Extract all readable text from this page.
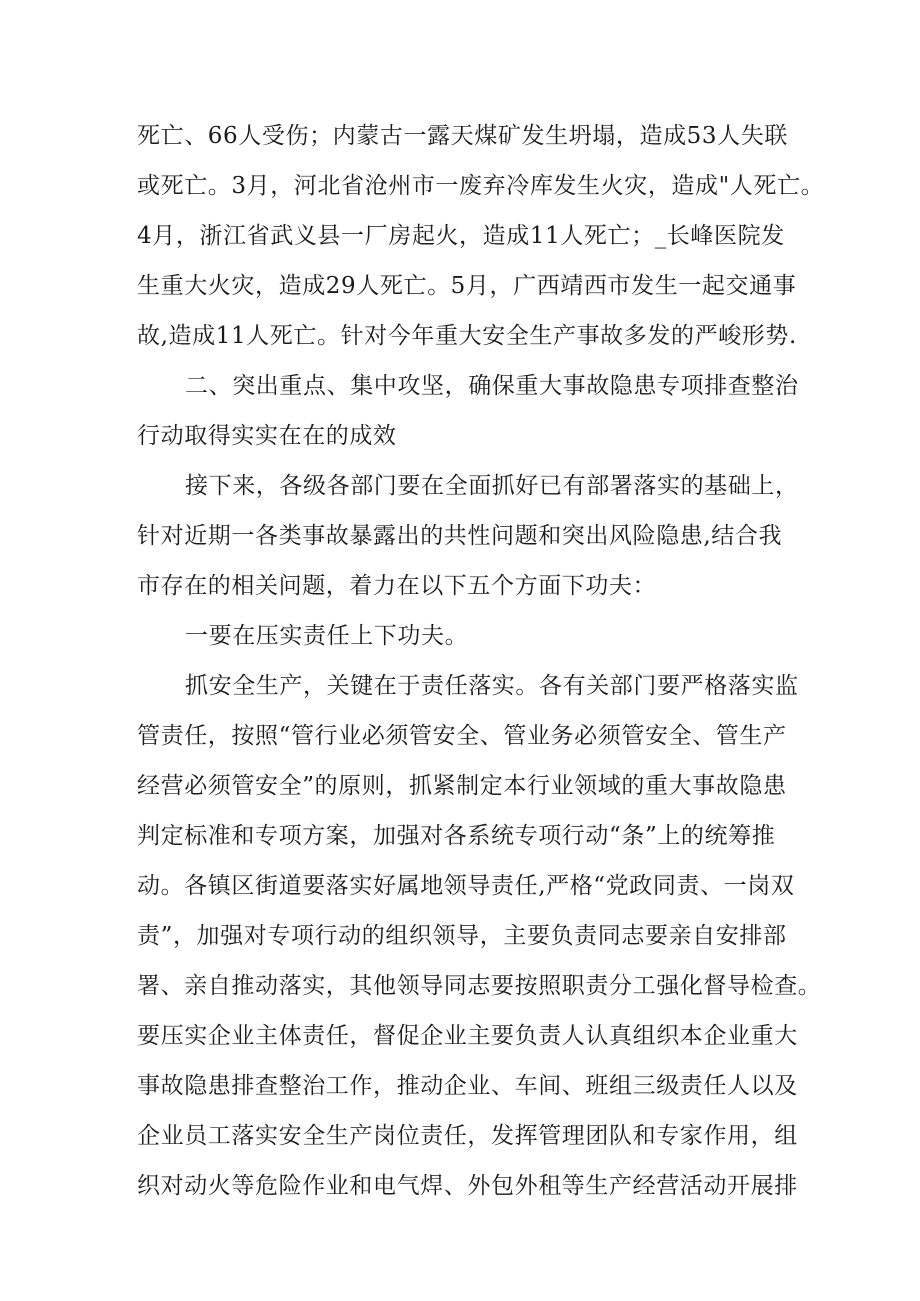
死亡、66人受伤；内蒙古一露天煤矿发生坍塌，造成53人失联
或死亡。3月，河北省沧州市一废弃冷库发生火灾，造成"人死亡。
4月，浙江省武义县一厂房起火，造成11人死亡；_长峰医院发
生重大火灾，造成29人死亡。5月，广西靖西市发生一起交通事
故,造成11人死亡。针对今年重大安全生产事故多发的严峻形势.
二、突出重点、集中攻坚，确保重大事故隐患专项排查整治
行动取得实实在在的成效
接下来，各级各部门要在全面抓好已有部署落实的基础上，
针对近期一各类事故暴露出的共性问题和突出风险隐患,结合我
市存在的相关问题，着力在以下五个方面下功夫：
一要在压实责任上下功夫。
抓安全生产，关键在于责任落实。各有关部门要严格落实监
管责任，按照“管行业必须管安全、管业务必须管安全、管生产
经营必须管安全”的原则，抓紧制定本行业领域的重大事故隐患
判定标准和专项方案，加强对各系统专项行动“条”上的统筹推
动。各镇区街道要落实好属地领导责任,严格“党政同责、一岗双
责”，加强对专项行动的组织领导，主要负责同志要亲自安排部
署、亲自推动落实，其他领导同志要按照职责分工强化督导检查。
要压实企业主体责任，督促企业主要负责人认真组织本企业重大
事故隐患排查整治工作，推动企业、车间、班组三级责任人以及
企业员工落实安全生产岗位责任，发挥管理团队和专家作用，组
织对动火等危险作业和电气焊、外包外租等生产经营活动开展排
